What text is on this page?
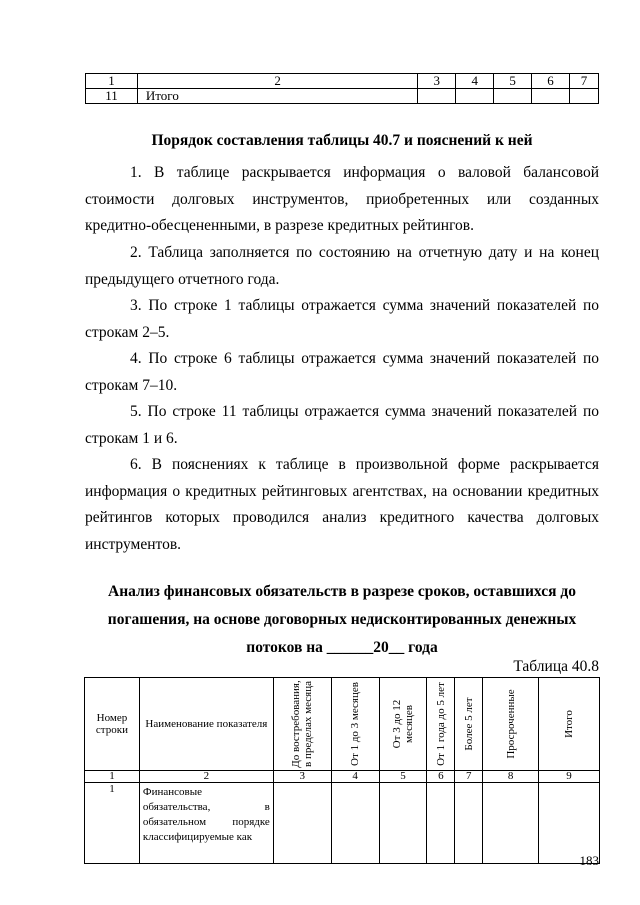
1	2	3	4	5	6	7
11	Итого					
Порядок составления таблицы 40.7 и пояснений к ней

1. В таблице раскрывается информация о валовой балансовой стоимости долговых инструментов, приобретенных или созданных кредитно-обесцененными, в разрезе кредитных рейтингов.

2. Таблица заполняется по состоянию на отчетную дату и на конец предыдущего отчетного года.

3. По строке 1 таблицы отражается сумма значений показателей по строкам 2–5.

4. По строке 6 таблицы отражается сумма значений показателей по строкам 7–10.

5. По строке 11 таблицы отражается сумма значений показателей по строкам 1 и 6.

6. В пояснениях к таблице в произвольной форме раскрывается информация о кредитных рейтинговых агентствах, на основании кредитных рейтингов которых проводился анализ кредитного качества долговых инструментов.

Анализ финансовых обязательств в разрезе сроков, оставшихся до
погашения, на основе договорных недисконтированных денежных
потоков на ______20__ года
Таблица 40.8
Номер строки	Наименование показателя	До востребования, в пределах месяца	От 1 до 3 месяцев	От 3 до 12 месяцев	От 1 года до 5 лет	Более 5 лет	Просроченные	Итого

1	2	3	4	5	6	7	8	9
1	Финансовые обязательства, в обязательном порядке классифицируемые как							
183
